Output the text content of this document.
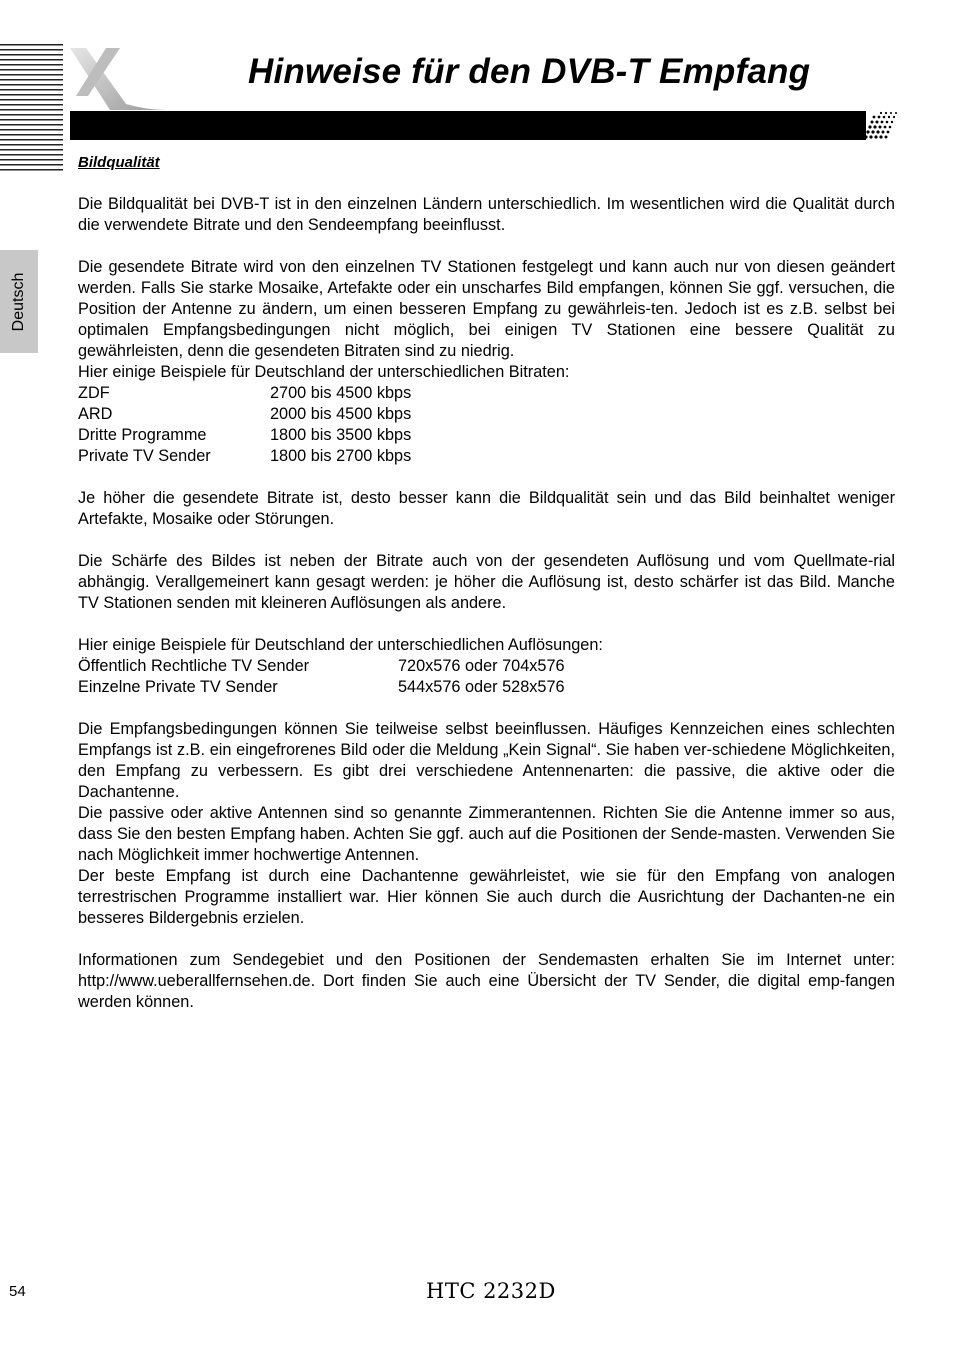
Hinweise für den DVB-T Empfang
Deutsch
Bildqualität

Die Bildqualität bei DVB-T ist in den einzelnen Ländern unterschiedlich. Im wesentlichen wird die Qualität durch die verwendete Bitrate und den Sendeempfang beeinflusst.

Die gesendete Bitrate wird von den einzelnen TV Stationen festgelegt und kann auch nur von diesen geändert werden. Falls Sie starke Mosaike, Artefakte oder ein unscharfes Bild empfangen, können Sie ggf. versuchen, die Position der Antenne zu ändern, um einen besseren Empfang zu gewährleis-ten. Jedoch ist es z.B. selbst bei optimalen Empfangsbedingungen nicht möglich, bei einigen TV Stationen eine bessere Qualität zu gewährleisten, denn die gesendeten Bitraten sind zu niedrig.

Hier einige Beispiele für Deutschland der unterschiedlichen Bitraten:

ZDF	2700 bis 4500 kbps
ARD	2000 bis 4500 kbps
Dritte Programme	1800 bis 3500 kbps
Private TV Sender	1800 bis 2700 kbps

Je höher die gesendete Bitrate ist, desto besser kann die Bildqualität sein und das Bild beinhaltet weniger Artefakte, Mosaike oder Störungen.

Die Schärfe des Bildes ist neben der Bitrate auch von der gesendeten Auflösung und vom Quellmate-rial abhängig. Verallgemeinert kann gesagt werden: je höher die Auflösung ist, desto schärfer ist das Bild. Manche TV Stationen senden mit kleineren Auflösungen als andere.

Hier einige Beispiele für Deutschland der unterschiedlichen Auflösungen:

Öffentlich Rechtliche TV Sender	720x576 oder 704x576
Einzelne Private TV Sender	544x576 oder 528x576

Die Empfangsbedingungen können Sie teilweise selbst beeinflussen. Häufiges Kennzeichen eines schlechten Empfangs ist z.B. ein eingefrorenes Bild oder die Meldung „Kein Signal“. Sie haben ver-schiedene Möglichkeiten, den Empfang zu verbessern. Es gibt drei verschiedene Antennenarten: die passive, die aktive oder die Dachantenne.

Die passive oder aktive Antennen sind so genannte Zimmerantennen. Richten Sie die Antenne immer so aus, dass Sie den besten Empfang haben. Achten Sie ggf. auch auf die Positionen der Sende-masten. Verwenden Sie nach Möglichkeit immer hochwertige Antennen.

Der beste Empfang ist durch eine Dachantenne gewährleistet, wie sie für den Empfang von analogen terrestrischen Programme installiert war. Hier können Sie auch durch die Ausrichtung der Dachanten-ne ein besseres Bildergebnis erzielen.

Informationen zum Sendegebiet und den Positionen der Sendemasten erhalten Sie im Internet unter: http://www.ueberallfernsehen.de. Dort finden Sie auch eine Übersicht der TV Sender, die digital emp-fangen werden können.

54	HTC 2232D
